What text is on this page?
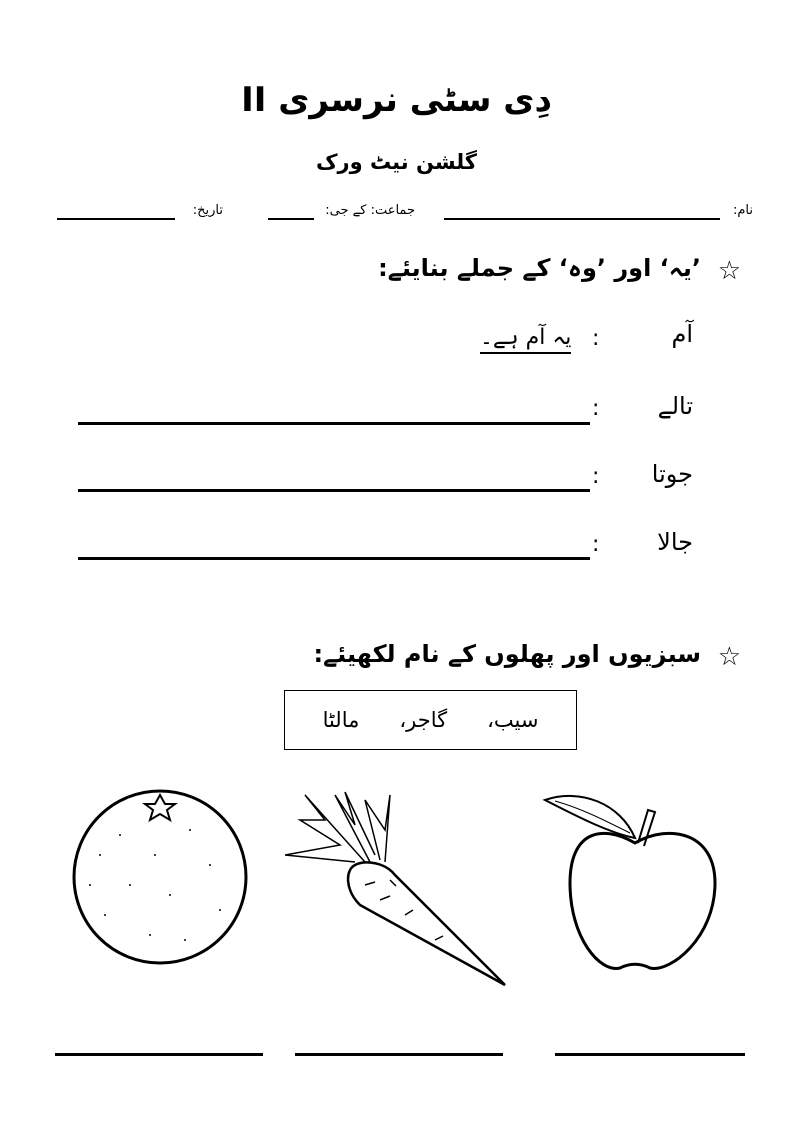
دِی سٹی نرسری II
گلشن نیٹ ورک
نام:
جماعت: کے جی:
تاریخ:
☆
’یہ‘ اور ’وہ‘ کے جملے بنایئے:
آم
:
یہ آم ہے۔
تالے
:
جوتا
:
جالا
:
☆
سبزیوں اور پھلوں کے نام لکھیئے:
سیب،
گاجر،
مالٹا
